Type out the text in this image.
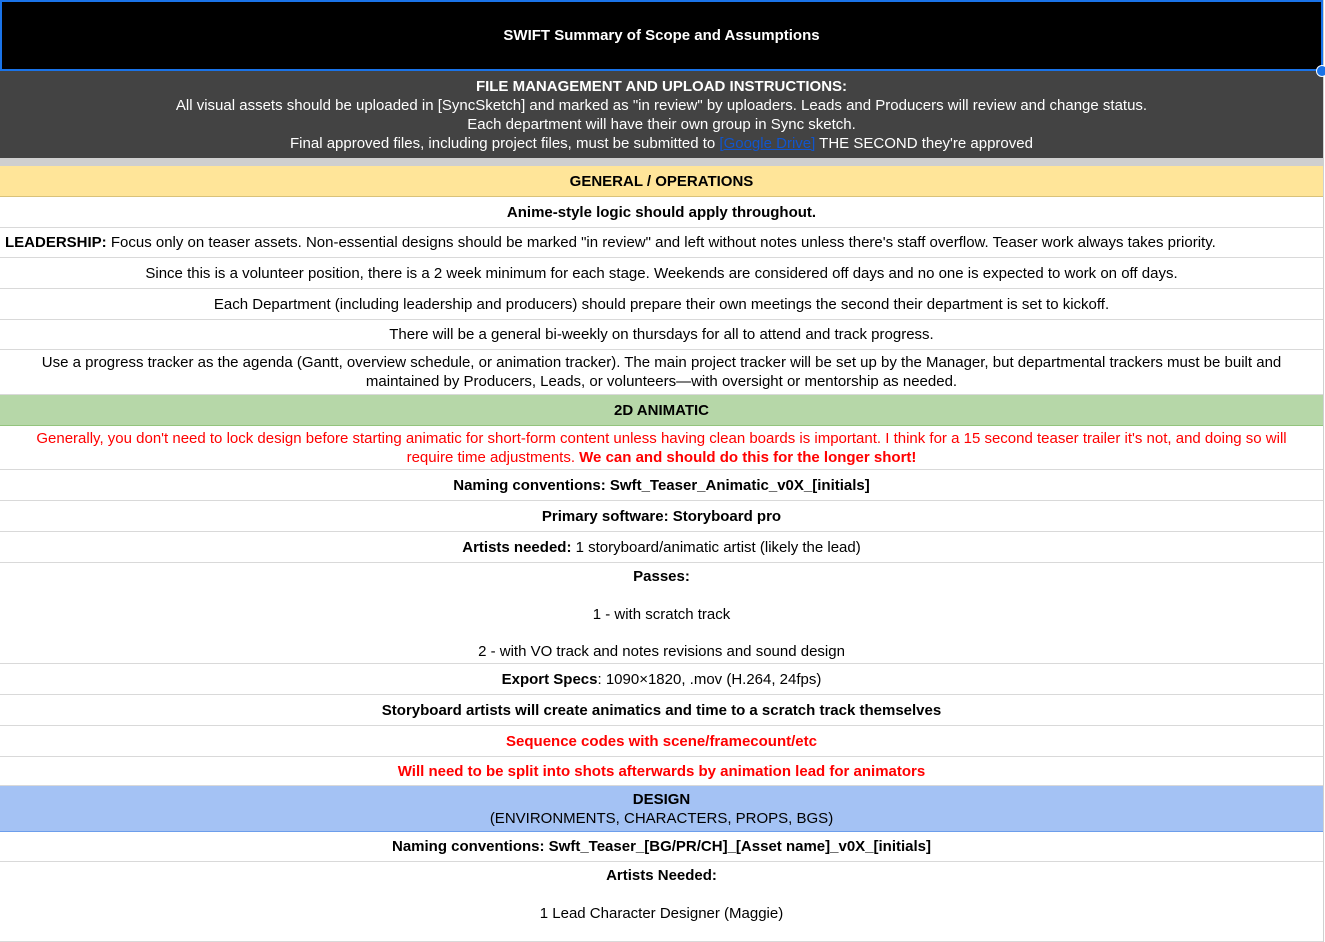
SWIFT Summary of Scope and Assumptions
FILE MANAGEMENT AND UPLOAD INSTRUCTIONS:
All visual assets should be uploaded in [SyncSketch] and marked as "in review" by uploaders. Leads and Producers will review and change status.
Each department will have their own group in Sync sketch.
Final approved files, including project files, must be submitted to [Google Drive] THE SECOND they're approved
GENERAL / OPERATIONS
Anime-style logic should apply throughout.
LEADERSHIP: Focus only on teaser assets. Non-essential designs should be marked "in review" and left without notes unless there's staff overflow. Teaser work always takes priority.
Since this is a volunteer position, there is a 2 week minimum for each stage. Weekends are considered off days and no one is expected to work on off days.
Each Department (including leadership and producers) should prepare their own meetings the second their department is set to kickoff.
There will be a general bi-weekly on thursdays for all to attend and track progress.
Use a progress tracker as the agenda (Gantt, overview schedule, or animation tracker). The main project tracker will be set up by the Manager, but departmental trackers must be built and maintained by Producers, Leads, or volunteers—with oversight or mentorship as needed.
2D ANIMATIC
Generally, you don't need to lock design before starting animatic for short-form content unless having clean boards is important. I think for a 15 second teaser trailer it's not, and doing so will require time adjustments. We can and should do this for the longer short!
Naming conventions: Swft_Teaser_Animatic_v0X_[initials]
Primary software: Storyboard pro
Artists needed: 1 storyboard/animatic artist (likely the lead)
Passes:
1 - with scratch track
2 - with VO track and notes revisions and sound design
Export Specs: 1090×1820, .mov (H.264, 24fps)
Storyboard artists will create animatics and time to a scratch track themselves
Sequence codes with scene/framecount/etc
Will need to be split into shots afterwards by animation lead for animators
DESIGN
(ENVIRONMENTS, CHARACTERS, PROPS, BGS)
Naming conventions: Swft_Teaser_[BG/PR/CH]_[Asset name]_v0X_[initials]
Artists Needed:
1 Lead Character Designer (Maggie)
